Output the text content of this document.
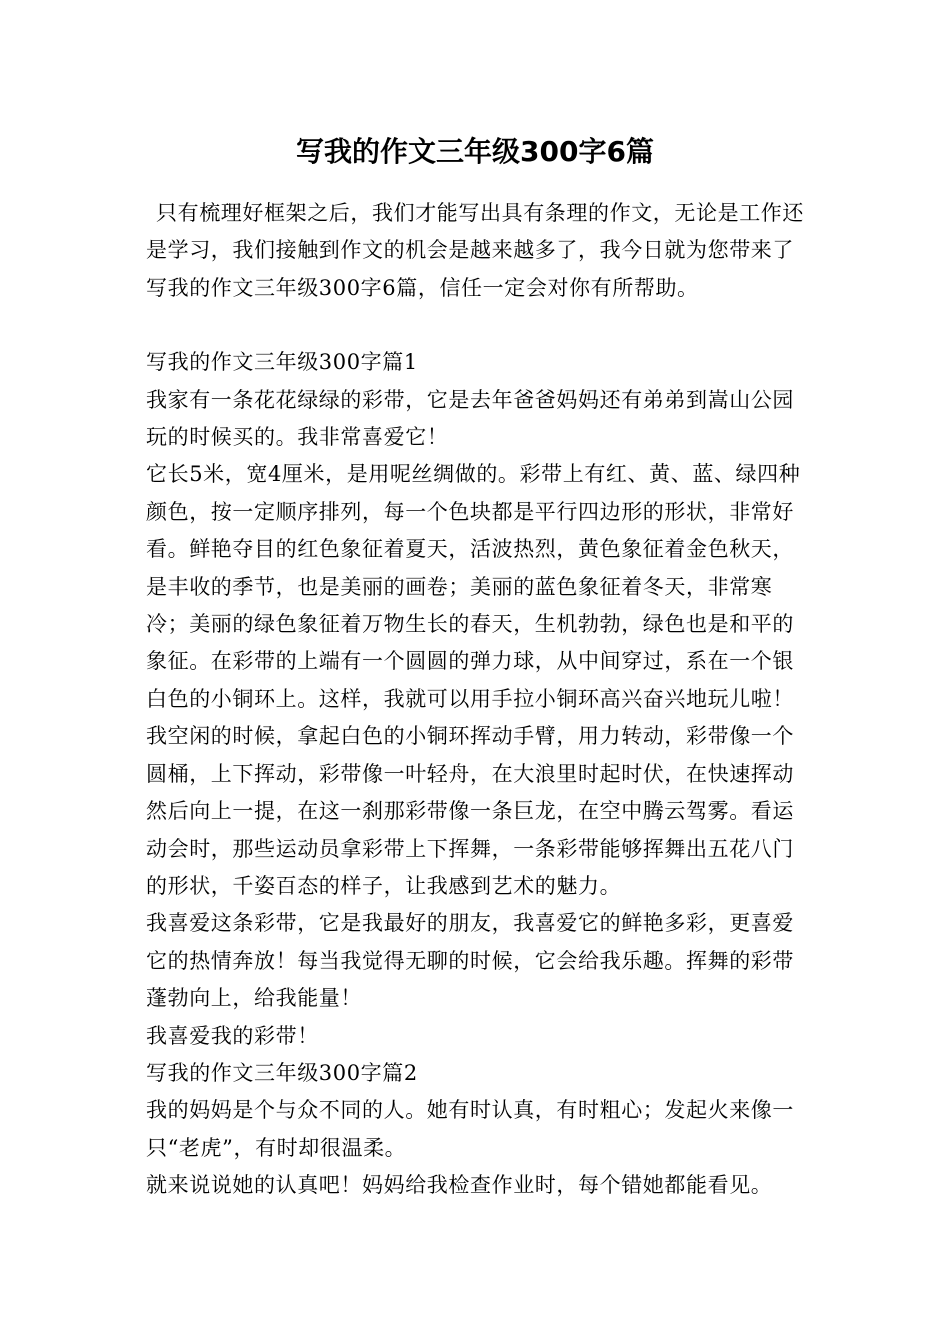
写我的作文三年级300字6篇

只有梳理好框架之后，我们才能写出具有条理的作文，无论是工作还是学习，我们接触到作文的机会是越来越多了，我今日就为您带来了写我的作文三年级300字6篇，信任一定会对你有所帮助。

写我的作文三年级300字篇1

我家有一条花花绿绿的彩带，它是去年爸爸妈妈还有弟弟到嵩山公园玩的时候买的。我非常喜爱它！

它长5米，宽4厘米，是用呢丝绸做的。彩带上有红、黄、蓝、绿四种颜色，按一定顺序排列，每一个色块都是平行四边形的形状，非常好看。鲜艳夺目的红色象征着夏天，活波热烈，黄色象征着金色秋天，是丰收的季节，也是美丽的画卷；美丽的蓝色象征着冬天，非常寒冷；美丽的绿色象征着万物生长的春天，生机勃勃，绿色也是和平的象征。在彩带的上端有一个圆圆的弹力球，从中间穿过，系在一个银白色的小铜环上。这样，我就可以用手拉小铜环高兴奋兴地玩儿啦！

我空闲的时候，拿起白色的小铜环挥动手臂，用力转动，彩带像一个圆桶，上下挥动，彩带像一叶轻舟，在大浪里时起时伏，在快速挥动然后向上一提，在这一刹那彩带像一条巨龙，在空中腾云驾雾。看运动会时，那些运动员拿彩带上下挥舞，一条彩带能够挥舞出五花八门的形状，千姿百态的样子，让我感到艺术的魅力。

我喜爱这条彩带，它是我最好的朋友，我喜爱它的鲜艳多彩，更喜爱它的热情奔放！每当我觉得无聊的时候，它会给我乐趣。挥舞的彩带蓬勃向上，给我能量！

我喜爱我的彩带！

写我的作文三年级300字篇2

我的妈妈是个与众不同的人。她有时认真，有时粗心；发起火来像一只“老虎”，有时却很温柔。

就来说说她的认真吧！妈妈给我检查作业时，每个错她都能看见。
